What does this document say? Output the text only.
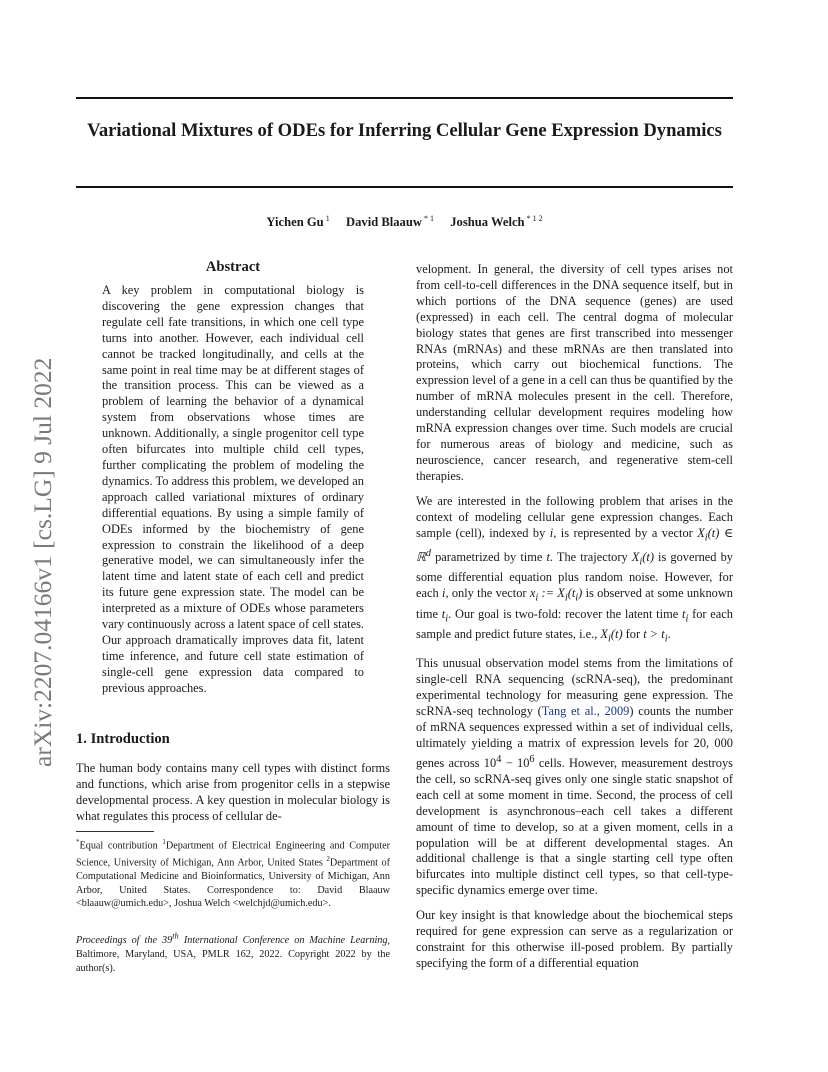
Variational Mixtures of ODEs for Inferring Cellular Gene Expression Dynamics
Yichen Gu $^1$ David Blaauw $^{* 1}$ Joshua Welch $^{* 1 2}$
arXiv:2207.04166v1 [cs.LG] 9 Jul 2022
Abstract

A key problem in computational biology is discovering the gene expression changes that regulate cell fate transitions, in which one cell type turns into another. However, each individual cell cannot be tracked longitudinally, and cells at the same point in real time may be at different stages of the transition process. This can be viewed as a problem of learning the behavior of a dynamical system from observations whose times are unknown. Additionally, a single progenitor cell type often bifurcates into multiple child cell types, further complicating the problem of modeling the dynamics. To address this problem, we developed an approach called variational mixtures of ordinary differential equations. By using a simple family of ODEs informed by the biochemistry of gene expression to constrain the likelihood of a deep generative model, we can simultaneously infer the latent time and latent state of each cell and predict its future gene expression state. The model can be interpreted as a mixture of ODEs whose parameters vary continuously across a latent space of cell states. Our approach dramatically improves data fit, latent time inference, and future cell state estimation of single-cell gene expression data compared to previous approaches.

1. Introduction

The human body contains many cell types with distinct forms and functions, which arise from progenitor cells in a stepwise developmental process. A key question in molecular biology is what regulates this process of cellular de-

*Equal contribution $^1$Department of Electrical Engineering and Computer Science, University of Michigan, Ann Arbor, United States $^2$Department of Computational Medicine and Bioinformatics, University of Michigan, Ann Arbor, United States. Correspondence to: David Blaauw <blaauw@umich.edu>, Joshua Welch <welchjd@umich.edu>.
Proceedings of the 39th International Conference on Machine Learning, Baltimore, Maryland, USA, PMLR 162, 2022. Copyright 2022 by the author(s).

velopment. In general, the diversity of cell types arises not from cell-to-cell differences in the DNA sequence itself, but in which portions of the DNA sequence (genes) are used (expressed) in each cell. The central dogma of molecular biology states that genes are first transcribed into messenger RNAs (mRNAs) and these mRNAs are then translated into proteins, which carry out biochemical functions. The expression level of a gene in a cell can thus be quantified by the number of mRNA molecules present in the cell. Therefore, understanding cellular development requires modeling how mRNA expression changes over time. Such models are crucial for numerous areas of biology and medicine, such as neuroscience, cancer research, and regenerative stem-cell therapies.

We are interested in the following problem that arises in the context of modeling cellular gene expression changes. Each sample (cell), indexed by i, is represented by a vector $X_i(t)$ ∈ ℝ$^d$ parametrized by time t. The trajectory $X_i(t)$ is governed by some differential equation plus random noise. However, for each i, only the vector $x_i$ := $X_i(t_i)$ is observed at some unknown time $t_i$. Our goal is two-fold: recover the latent time $t_i$ for each sample and predict future states, i.e., $X_i(t)$ for $t > t_i$.

This unusual observation model stems from the limitations of single-cell RNA sequencing (scRNA-seq), the predominant experimental technology for measuring gene expression. The scRNA-seq technology (Tang et al., 2009) counts the number of mRNA sequences expressed within a set of individual cells, ultimately yielding a matrix of expression levels for 20, 000 genes across $10^4 - 10^6$ cells. However, measurement destroys the cell, so scRNA-seq gives only one single static snapshot of each cell at some moment in time. Second, the process of cell development is asynchronous–each cell takes a different amount of time to develop, so at a given moment, cells in a population will be at different developmental stages. An additional challenge is that a single starting cell type often bifurcates into multiple distinct cell types, so that cell-type-specific dynamics emerge over time.

Our key insight is that knowledge about the biochemical steps required for gene expression can serve as a regularization or constraint for this otherwise ill-posed problem. By partially specifying the form of a differential equation
